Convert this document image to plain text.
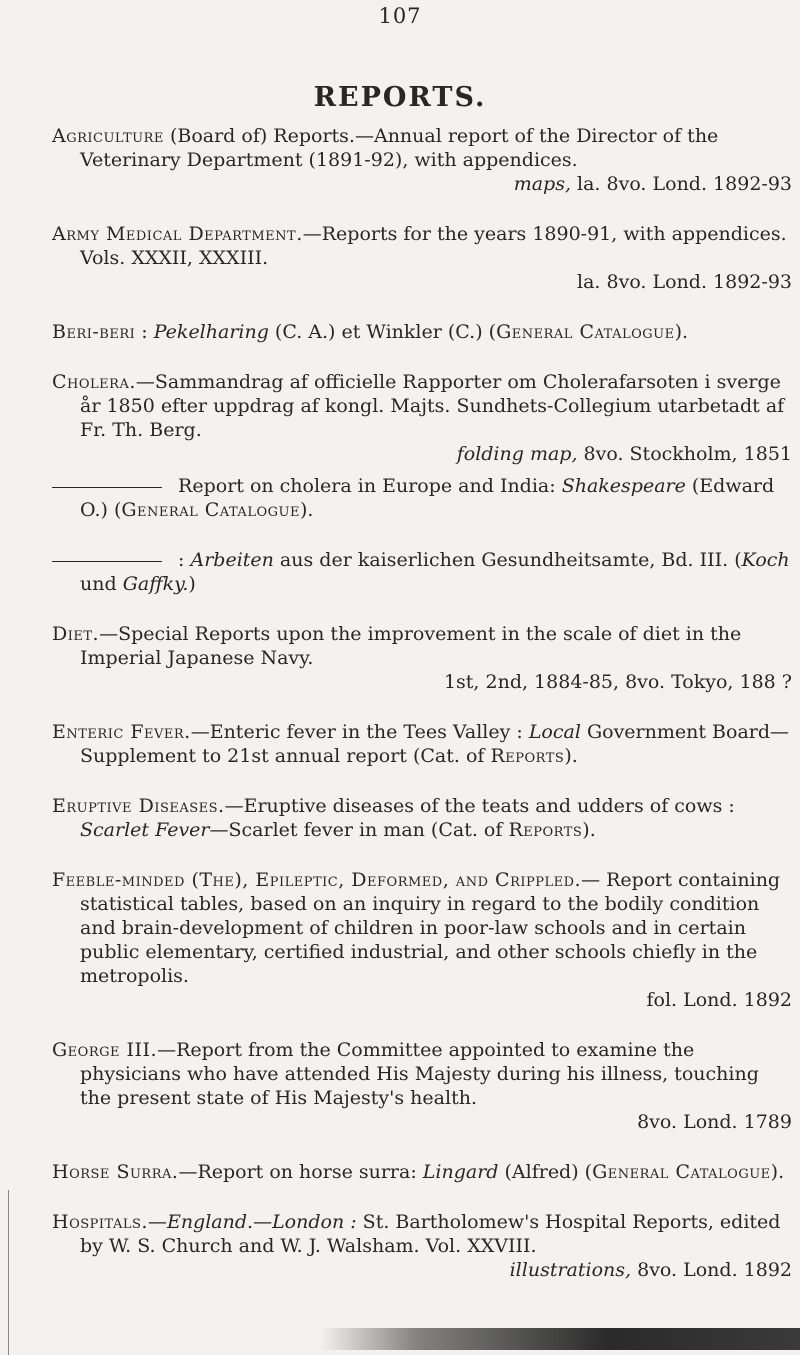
107
REPORTS.
Agriculture (Board of) Reports.—Annual report of the Director of the Veterinary Department (1891-92), with appendices.
maps, la. 8vo. Lond. 1892-93
Army Medical Department.—Reports for the years 1890-91, with appendices. Vols. XXXII, XXXIII.
la. 8vo. Lond. 1892-93
Beri-beri : Pekelharing (C. A.) et Winkler (C.) (General Catalogue).
Cholera.—Sammandrag af officielle Rapporter om Cholerafarsoten i sverge år 1850 efter uppdrag af kongl. Majts. Sundhets-Collegium utarbetadt af Fr. Th. Berg.
folding map, 8vo. Stockholm, 1851
Report on cholera in Europe and India: Shakespeare (Edward O.) (General Catalogue).
: Arbeiten aus der kaiserlichen Gesundheitsamte, Bd. III. (Koch und Gaffky.)
Diet.—Special Reports upon the improvement in the scale of diet in the Imperial Japanese Navy.
1st, 2nd, 1884-85, 8vo. Tokyo, 188 ?
Enteric Fever.—Enteric fever in the Tees Valley : Local Government Board—Supplement to 21st annual report (Cat. of Reports).
Eruptive Diseases.—Eruptive diseases of the teats and udders of cows : Scarlet Fever—Scarlet fever in man (Cat. of Reports).
Feeble-minded (The), Epileptic, Deformed, and Crippled.— Report containing statistical tables, based on an inquiry in regard to the bodily condition and brain-development of children in poor-law schools and in certain public elementary, certified industrial, and other schools chiefly in the metropolis.
fol. Lond. 1892
George III.—Report from the Committee appointed to examine the physicians who have attended His Majesty during his illness, touching the present state of His Majesty's health.
8vo. Lond. 1789
Horse Surra.—Report on horse surra: Lingard (Alfred) (General Catalogue).
Hospitals.—England.—London : St. Bartholomew's Hospital Reports, edited by W. S. Church and W. J. Walsham. Vol. XXVIII.
illustrations, 8vo. Lond. 1892
